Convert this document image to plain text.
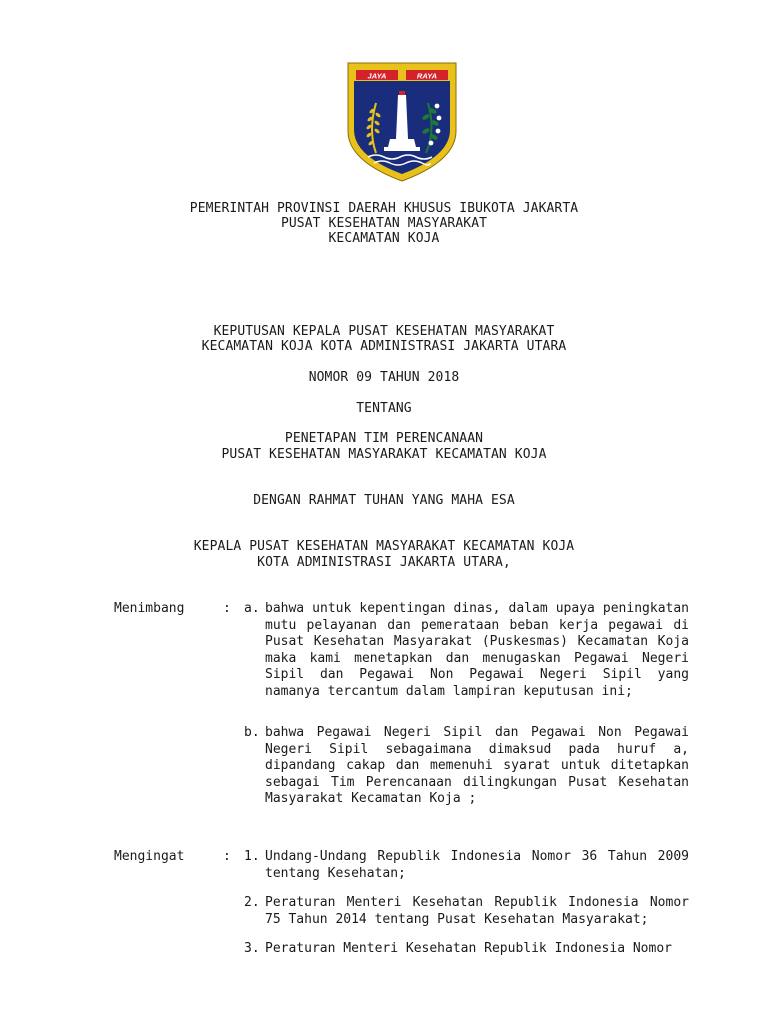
JAYA	RAYA
PEMERINTAH PROVINSI DAERAH KHUSUS IBUKOTA JAKARTA
PUSAT KESEHATAN MASYARAKAT
KECAMATAN KOJA
KEPUTUSAN KEPALA PUSAT KESEHATAN MASYARAKAT
KECAMATAN KOJA KOTA ADMINISTRASI JAKARTA UTARA
NOMOR 09 TAHUN 2018
TENTANG
PENETAPAN TIM PERENCANAAN
PUSAT KESEHATAN MASYARAKAT KECAMATAN KOJA
DENGAN RAHMAT TUHAN YANG MAHA ESA
KEPALA PUSAT KESEHATAN MASYARAKAT KECAMATAN KOJA
KOTA ADMINISTRASI JAKARTA UTARA,
Menimbang	: a. bahwa untuk kepentingan dinas, dalam upaya peningkatan mutu pelayanan dan pemerataan beban kerja pegawai di Pusat Kesehatan Masyarakat (Puskesmas) Kecamatan Koja maka kami menetapkan dan menugaskan Pegawai Negeri Sipil dan Pegawai Non Pegawai Negeri Sipil yang namanya tercantum dalam lampiran keputusan ini;
b. bahwa Pegawai Negeri Sipil dan Pegawai Non Pegawai Negeri Sipil sebagaimana dimaksud pada huruf a, dipandang cakap dan memenuhi syarat untuk ditetapkan sebagai Tim Perencanaan dilingkungan Pusat Kesehatan Masyarakat Kecamatan Koja ;
Mengingat	: 1. Undang-Undang Republik Indonesia Nomor 36 Tahun 2009 tentang Kesehatan;
2. Peraturan Menteri Kesehatan Republik Indonesia Nomor 75 Tahun 2014 tentang Pusat Kesehatan Masyarakat;
3. Peraturan Menteri Kesehatan Republik Indonesia Nomor
